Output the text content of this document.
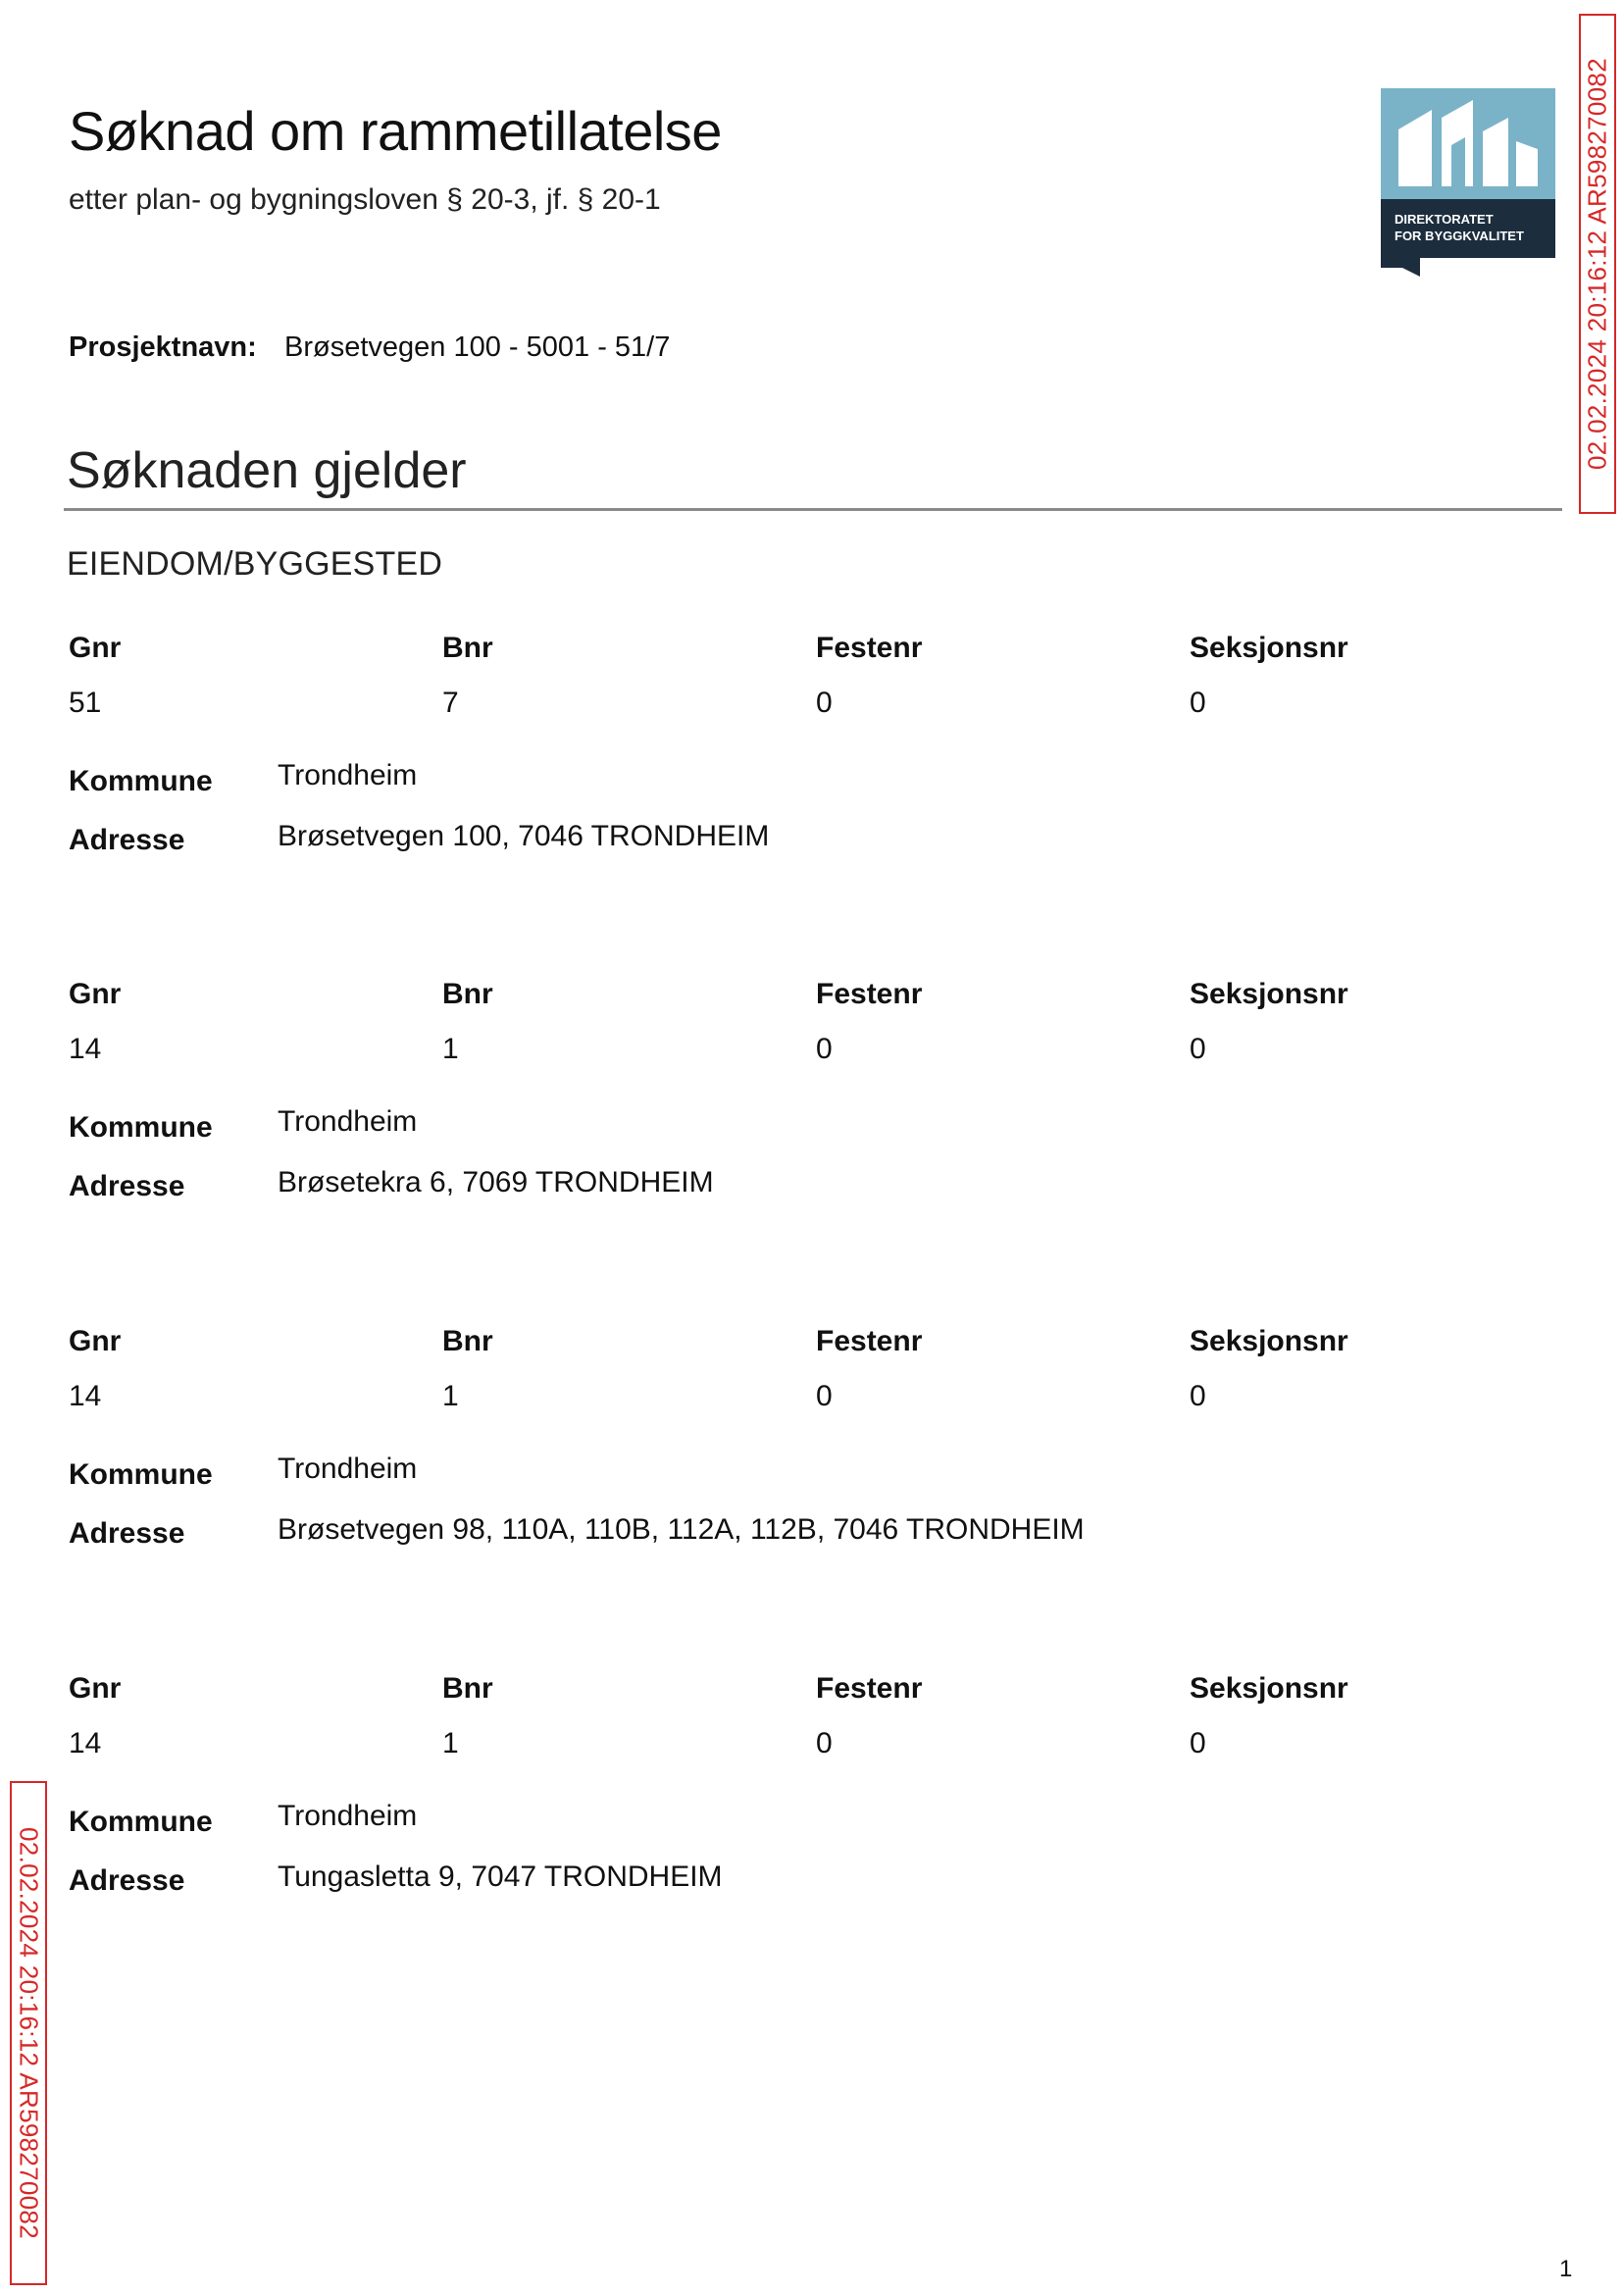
Søknad om rammetillatelse
etter plan- og bygningsloven § 20-3, jf. § 20-1
Prosjektnavn: Brøsetvegen 100 - 5001 - 51/7
DIREKTORATET
FOR BYGGKVALITET 02.02.2024 20:16:12 AR598270082
Søknaden gjelder
EIENDOM/BYGGESTED
Gnr	Bnr	Festenr	Seksjonsnr
51	7	0	0
Kommune Trondheim
Adresse	Brøsetvegen 100, 7046 TRONDHEIM
Gnr	Bnr	Festenr	Seksjonsnr
14	1	0	0
Kommune Trondheim
Adresse	Brøsetekra 6, 7069 TRONDHEIM
Gnr	Bnr	Festenr	Seksjonsnr
14	1	0	0
Kommune Trondheim
Adresse	Brøsetvegen 98, 110A, 110B, 112A, 112B, 7046 TRONDHEIM
Gnr	Bnr	Festenr	Seksjonsnr
14	1	0	0
Kommune Trondheim
Adresse	Tungasletta 9, 7047 TRONDHEIM
02.02.2024 20:16:12 AR598270082
1
